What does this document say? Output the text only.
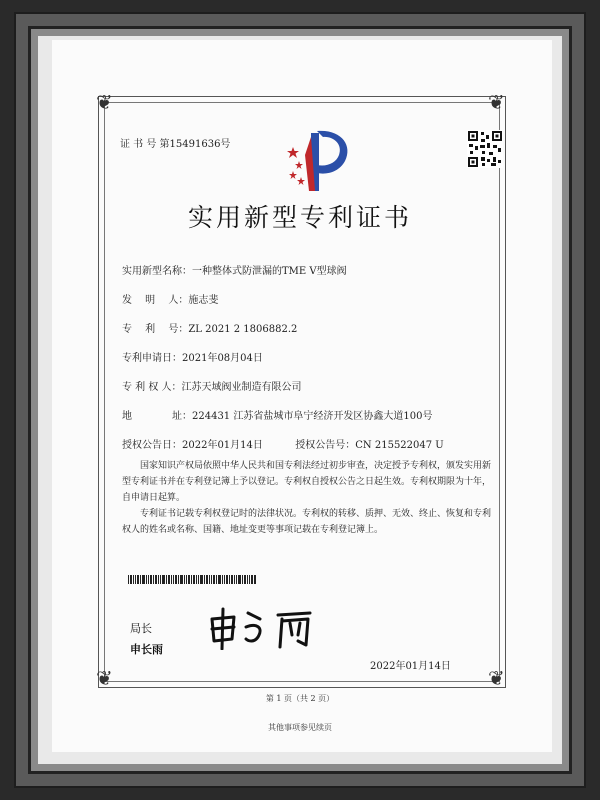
❦	❦
❦	❦
证 书 号 第15491636号
实用新型专利证书
实用新型名称：一种整体式防泄漏的TME V型球阀
发　 明　 人：施志斐
专　 利　 号：ZL 2021 2 1806882.2
专利申请日：2021年08月04日
专 利 权 人：江苏天域阀业制造有限公司
地　　　　址：224431 江苏省盐城市阜宁经济开发区协鑫大道100号
授权公告日：2022年01月14日	授权公告号：CN 215522047 U
国家知识产权局依照中华人民共和国专利法经过初步审查，决定授予专利权，颁发实用新型专利证书并在专利登记簿上予以登记。专利权自授权公告之日起生效。专利权期限为十年，自申请日起算。
专利证书记载专利权登记时的法律状况。专利权的转移、质押、无效、终止、恢复和专利权人的姓名或名称、国籍、地址变更等事项记载在专利登记簿上。
局长
申长雨
2022年01月14日
第 1 页（共 2 页）
其他事项参见续页
